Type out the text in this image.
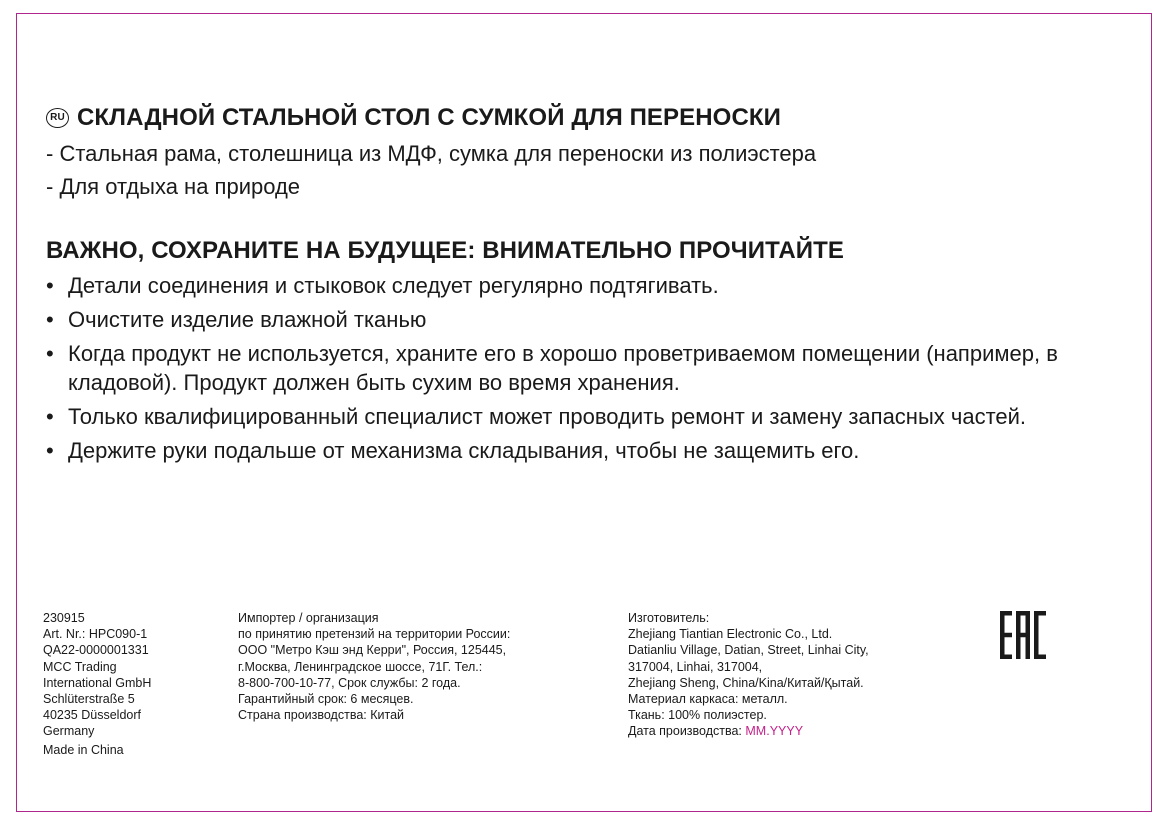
RU СКЛАДНОЙ СТАЛЬНОЙ СТОЛ С СУМКОЙ ДЛЯ ПЕРЕНОСКИ
- Стальная рама, столешница из МДФ, сумка для переноски из полиэстера
- Для отдыха на природе
ВАЖНО, СОХРАНИТЕ НА БУДУЩЕЕ: ВНИМАТЕЛЬНО ПРОЧИТАЙТЕ
• Детали соединения и стыковок следует регулярно подтягивать.
• Очистите изделие влажной тканью
• Когда продукт не используется, храните его в хорошо проветриваемом помещении (например, в кладовой). Продукт должен быть сухим во время хранения.
• Только квалифицированный специалист может проводить ремонт и замену запасных частей.
• Держите руки подальше от механизма складывания, чтобы не защемить его.
230915
Art. Nr.: HPC090-1
QA22-0000001331
MCC Trading
International GmbH
Schlüterstraße 5
40235 Düsseldorf
Germany
Made in China
Импортер / организация
по принятию претензий на территории России:
ООО "Метро Кэш энд Керри", Россия, 125445,
г.Москва, Ленинградское шоссе, 71Г. Тел.:
8-800-700-10-77, Срок службы: 2 года.
Гарантийный срок: 6 месяцев.
Страна производства: Китай
Изготовитель:
Zhejiang Tiantian Electronic Co., Ltd.
Datianliu Village, Datian, Street, Linhai City,
317004, Linhai, 317004,
Zhejiang Sheng, China/Kina/Китай/Қытай.
Материал каркаса: металл.
Ткань: 100% полиэстер.
Дата производства: MM.YYYY
